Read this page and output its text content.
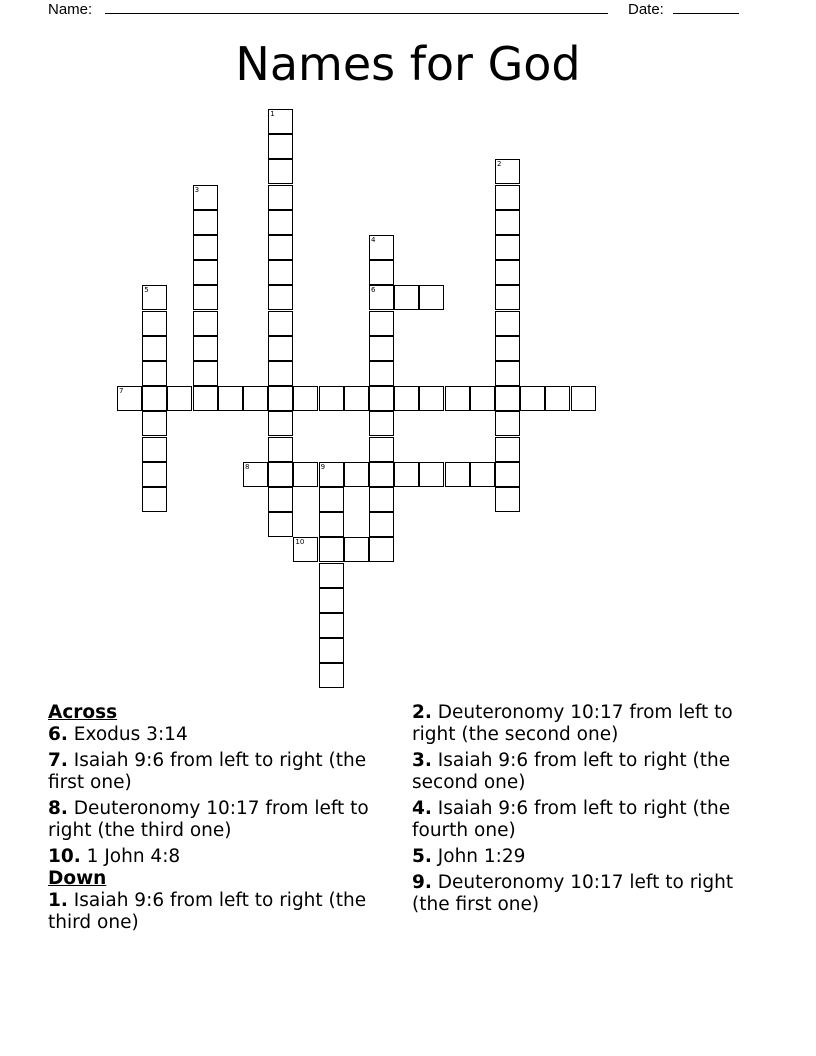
Name:	Date:
Names for God
1
2
3
4
6
5
7
8	9
10

Across

6. Exodus 3:14

7. Isaiah 9:6 from left to right (the first one)

8. Deuteronomy 10:17 from left to right (the third one)

10. 1 John 4:8

Down

1. Isaiah 9:6 from left to right (the third one)

2. Deuteronomy 10:17 from left to right (the second one)

3. Isaiah 9:6 from left to right (the second one)

4. Isaiah 9:6 from left to right (the fourth one)

5. John 1:29

9. Deuteronomy 10:17 left to right (the first one)
